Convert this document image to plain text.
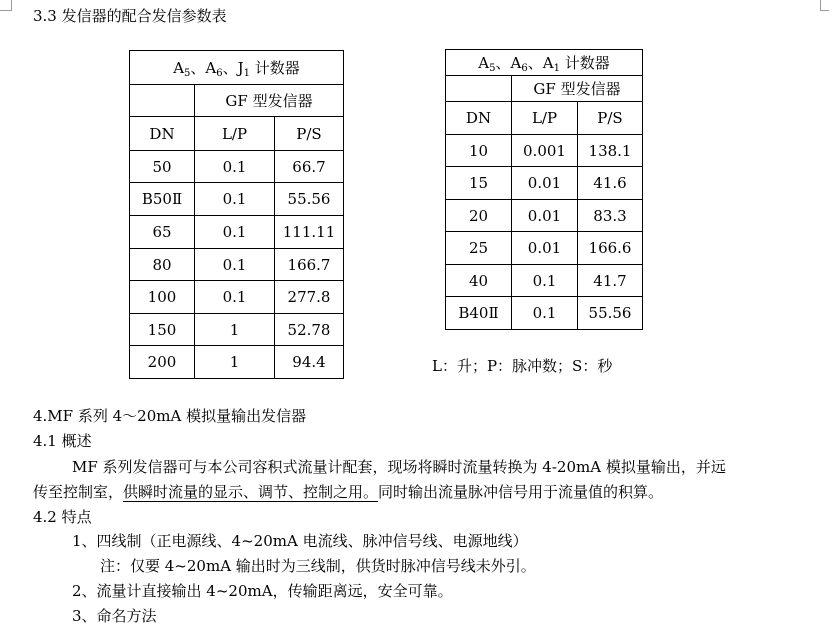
3.3 发信器的配合发信参数表
$A_5$、$A_6$、$J_1$ 计数器		
	GF 型发信器	
DN	L/P	P/S
50	0.1	66.7
B50Ⅱ	0.1	55.56
65	0.1	111.11
80	0.1	166.7
100	0.1	277.8
150	1	52.78
200	1	94.4
$A_5$、$A_6$、$A_1$ 计数器		
	GF 型发信器	
DN	L/P	P/S
10	0.001	138.1
15	0.01	41.6
20	0.01	83.3
25	0.01	166.6
40	0.1	41.7
B40Ⅱ	0.1	55.56
L：升；P：脉冲数；S：秒
4.MF 系列 4～20mA 模拟量输出发信器
4.1 概述
MF 系列发信器可与本公司容积式流量计配套，现场将瞬时流量转换为 4-20mA 模拟量输出，并远
传至控制室，供瞬时流量的显示、调节、控制之用。同时输出流量脉冲信号用于流量值的积算。
4.2 特点
1、四线制（正电源线、4~20mA 电流线、脉冲信号线、电源地线）
注：仅要 4~20mA 输出时为三线制，供货时脉冲信号线未外引。
2、流量计直接输出 4~20mA，传输距离远，安全可靠。
3、命名方法
